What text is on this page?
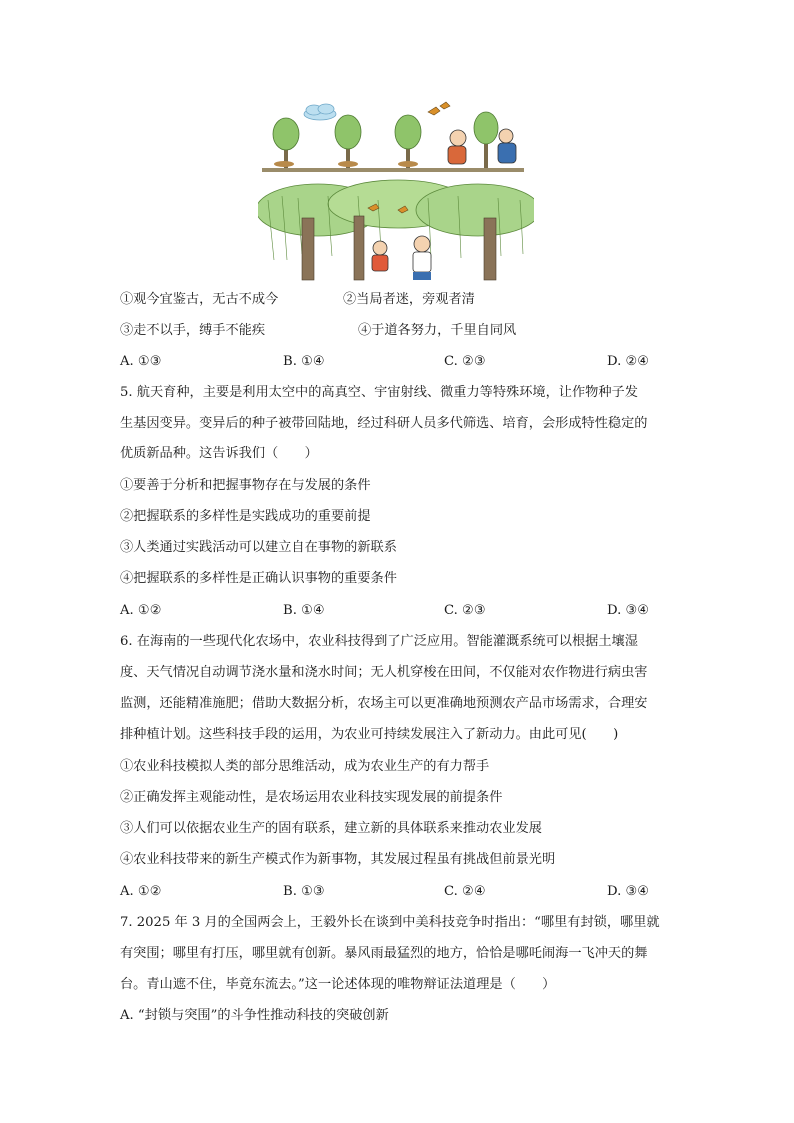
①观今宜鉴古，无古不成今	②当局者迷，旁观者清
③走不以手，缚手不能疾	④于道各努力，千里自同风
A. ①③	B. ①④	C. ②③	D. ②④
5. 航天育种，主要是利用太空中的高真空、宇宙射线、微重力等特殊环境，让作物种子发
生基因变异。变异后的种子被带回陆地，经过科研人员多代筛选、培育，会形成特性稳定的
优质新品种。这告诉我们（　　）
①要善于分析和把握事物存在与发展的条件
②把握联系的多样性是实践成功的重要前提
③人类通过实践活动可以建立自在事物的新联系
④把握联系的多样性是正确认识事物的重要条件
A. ①②	B. ①④	C. ②③	D. ③④
6. 在海南的一些现代化农场中，农业科技得到了广泛应用。智能灌溉系统可以根据土壤湿
度、天气情况自动调节浇水量和浇水时间；无人机穿梭在田间，不仅能对农作物进行病虫害
监测，还能精准施肥；借助大数据分析，农场主可以更准确地预测农产品市场需求，合理安
排种植计划。这些科技手段的运用，为农业可持续发展注入了新动力。由此可见(　　)
①农业科技模拟人类的部分思维活动，成为农业生产的有力帮手
②正确发挥主观能动性，是农场运用农业科技实现发展的前提条件
③人们可以依据农业生产的固有联系，建立新的具体联系来推动农业发展
④农业科技带来的新生产模式作为新事物，其发展过程虽有挑战但前景光明
A. ①②	B. ①③	C. ②④	D. ③④
7. 2025 年 3 月的全国两会上，王毅外长在谈到中美科技竞争时指出：“哪里有封锁，哪里就
有突围；哪里有打压，哪里就有创新。暴风雨最猛烈的地方，恰恰是哪吒闹海一飞冲天的舞
台。青山遮不住，毕竟东流去。”这一论述体现的唯物辩证法道理是（　　）
A. “封锁与突围”的斗争性推动科技的突破创新
